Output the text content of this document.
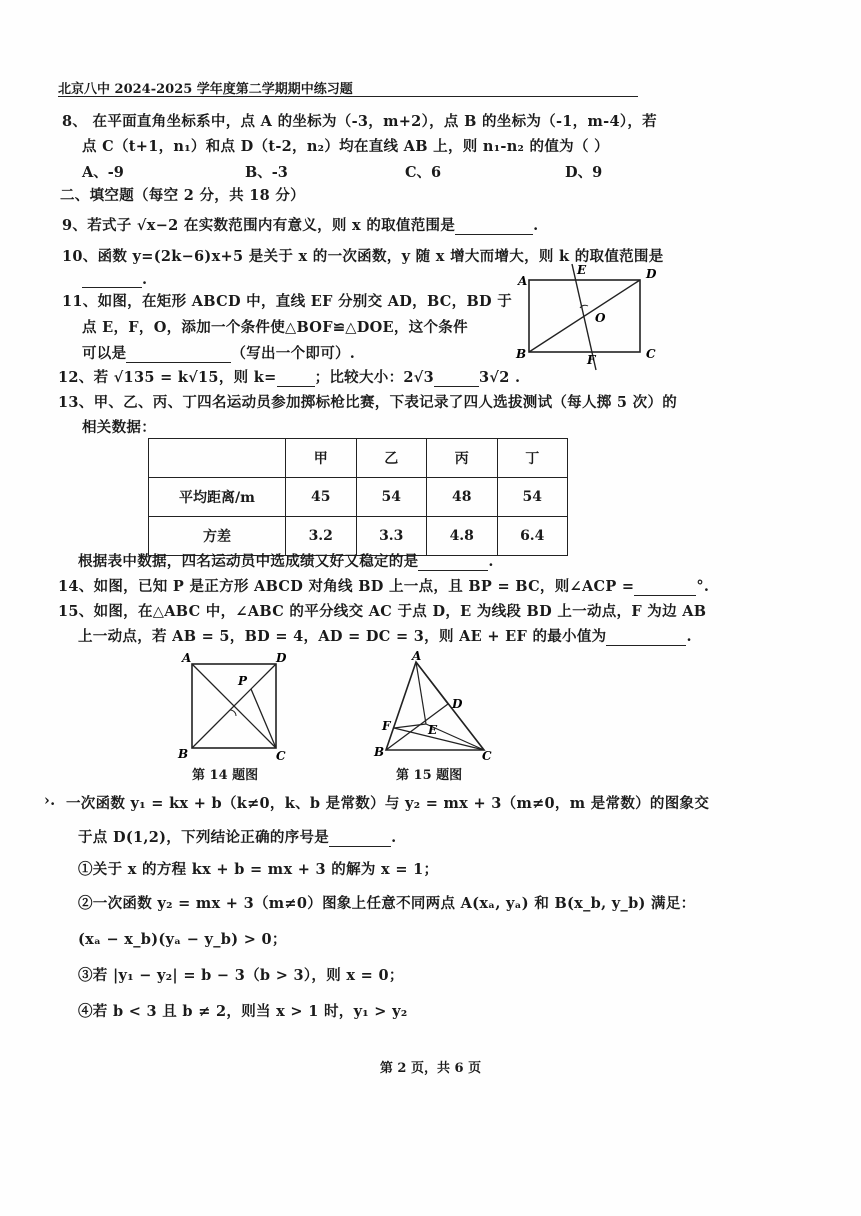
北京八中 2024-2025 学年度第二学期期中练习题
8、 在平面直角坐标系中，点 A 的坐标为（-3，m+2），点 B 的坐标为（-1，m-4），若
点 C（t+1，n₁）和点 D（t-2，n₂）均在直线 AB 上，则 n₁-n₂ 的值为（ ）
A、-9	B、-3	C、6	D、9
二、填空题（每空 2 分，共 18 分）
9、若式子 √x−2 在实数范围内有意义，则 x 的取值范围是	.
10、函数 y=(2k−6)x+5 是关于 x 的一次函数，y 随 x 增大而增大，则 k 的取值范围是
.
11、如图，在矩形 ABCD 中，直线 EF 分别交 AD，BC，BD 于
点 E，F，O，添加一个条件使△BOF≌△DOE，这个条件
可以是	（写出一个即可）.
A
B	C
D
E
F
O
12、若 √135 = k√15，则 k=	；比较大小：2√3	3√2 .
13、甲、乙、丙、丁四名运动员参加掷标枪比赛，下表记录了四人选拔测试（每人掷 5 次）的
相关数据：
	甲	乙	丙	丁
平均距离/m	45	54	48	54
方差	3.2	3.3	4.8	6.4
根据表中数据，四名运动员中选成绩又好又稳定的是	.
14、如图，已知 P 是正方形 ABCD 对角线 BD 上一点，且 BP = BC，则∠ACP =	°.
15、如图，在△ABC 中，∠ABC 的平分线交 AC 于点 D，E 为线段 BD 上一动点，F 为边 AB
上一动点，若 AB = 5，BD = 4，AD = DC = 3，则 AE + EF 的最小值为	.
A	D
B	C
P
第 14 题图
A
D
F	E
B	C
第 15 题图
›. 一次函数 y₁ = kx + b（k≠0，k、b 是常数）与 y₂ = mx + 3（m≠0，m 是常数）的图象交
于点 D(1,2)，下列结论正确的序号是	.
①关于 x 的方程 kx + b = mx + 3 的解为 x = 1；
②一次函数 y₂ = mx + 3（m≠0）图象上任意不同两点 A(xₐ, yₐ) 和 B(x_b, y_b) 满足：
(xₐ − x_b)(yₐ − y_b) > 0；
③若 |y₁ − y₂| = b − 3（b > 3），则 x = 0；
④若 b < 3 且 b ≠ 2，则当 x > 1 时，y₁ > y₂
第 2 页，共 6 页
